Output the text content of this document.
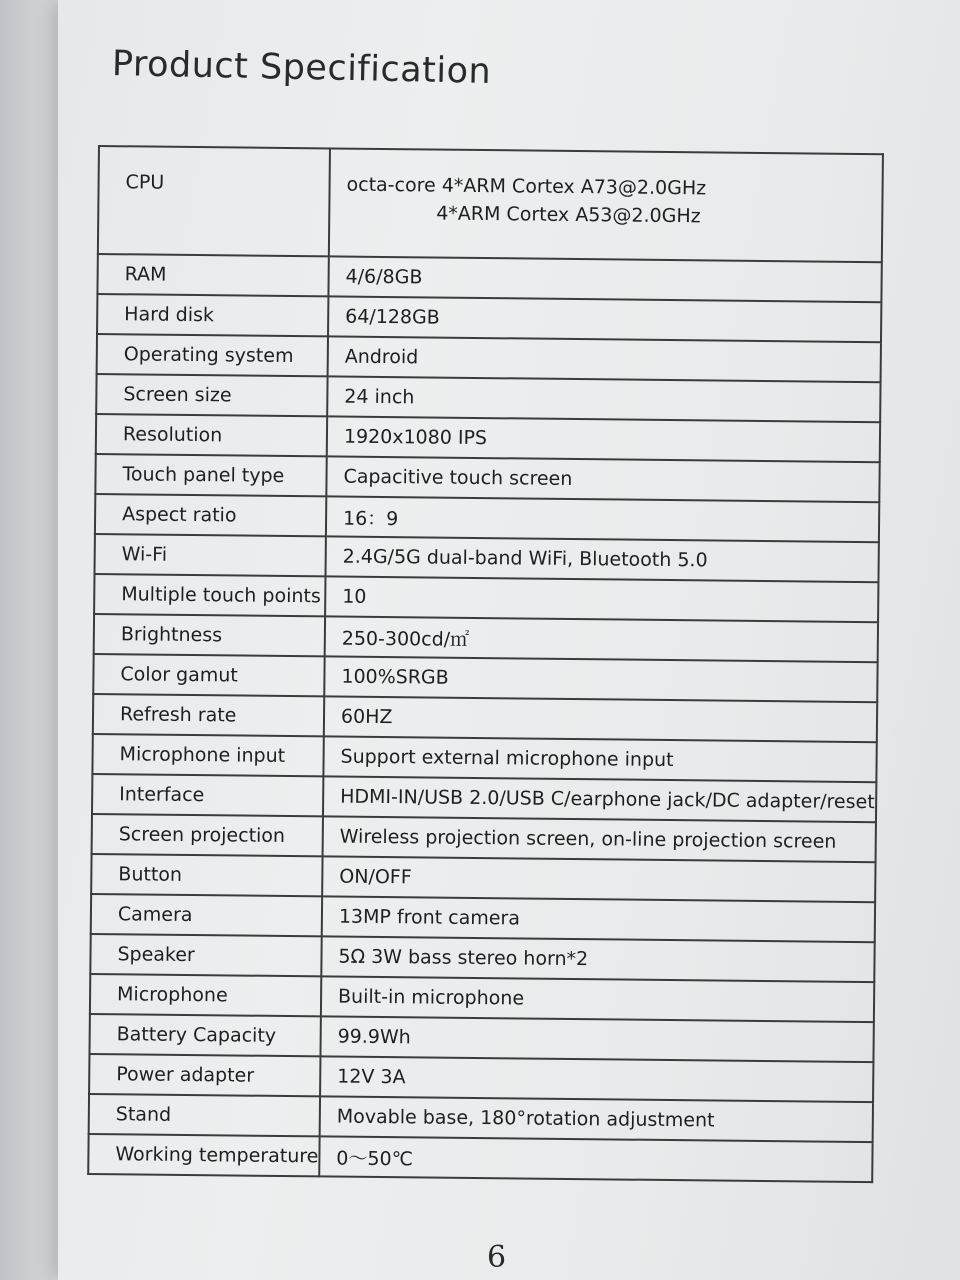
Product Specification
CPU	octa-core 4*ARM Cortex A73@2.0GHz
4*ARM Cortex A53@2.0GHz

RAM	4/6/8GB
Hard disk	64/128GB
Operating system	Android
Screen size	24 inch
Resolution	1920x1080 IPS
Touch panel type	Capacitive touch screen
Aspect ratio	16：9
Wi-Fi	2.4G/5G dual-band WiFi, Bluetooth 5.0
Multiple touch points	10
Brightness	250-300cd/㎡
Color gamut	100%SRGB
Refresh rate	60HZ
Microphone input	Support external microphone input
Interface	HDMI-IN/USB 2.0/USB C/earphone jack/DC adapter/reset
Screen projection	Wireless projection screen, on-line projection screen
Button	ON/OFF
Camera	13MP front camera
Speaker	5Ω 3W bass stereo horn*2
Microphone	Built-in microphone
Battery Capacity	99.9Wh
Power adapter	12V 3A
Stand	Movable base, 180°rotation adjustment
Working temperature	0～50℃
6
